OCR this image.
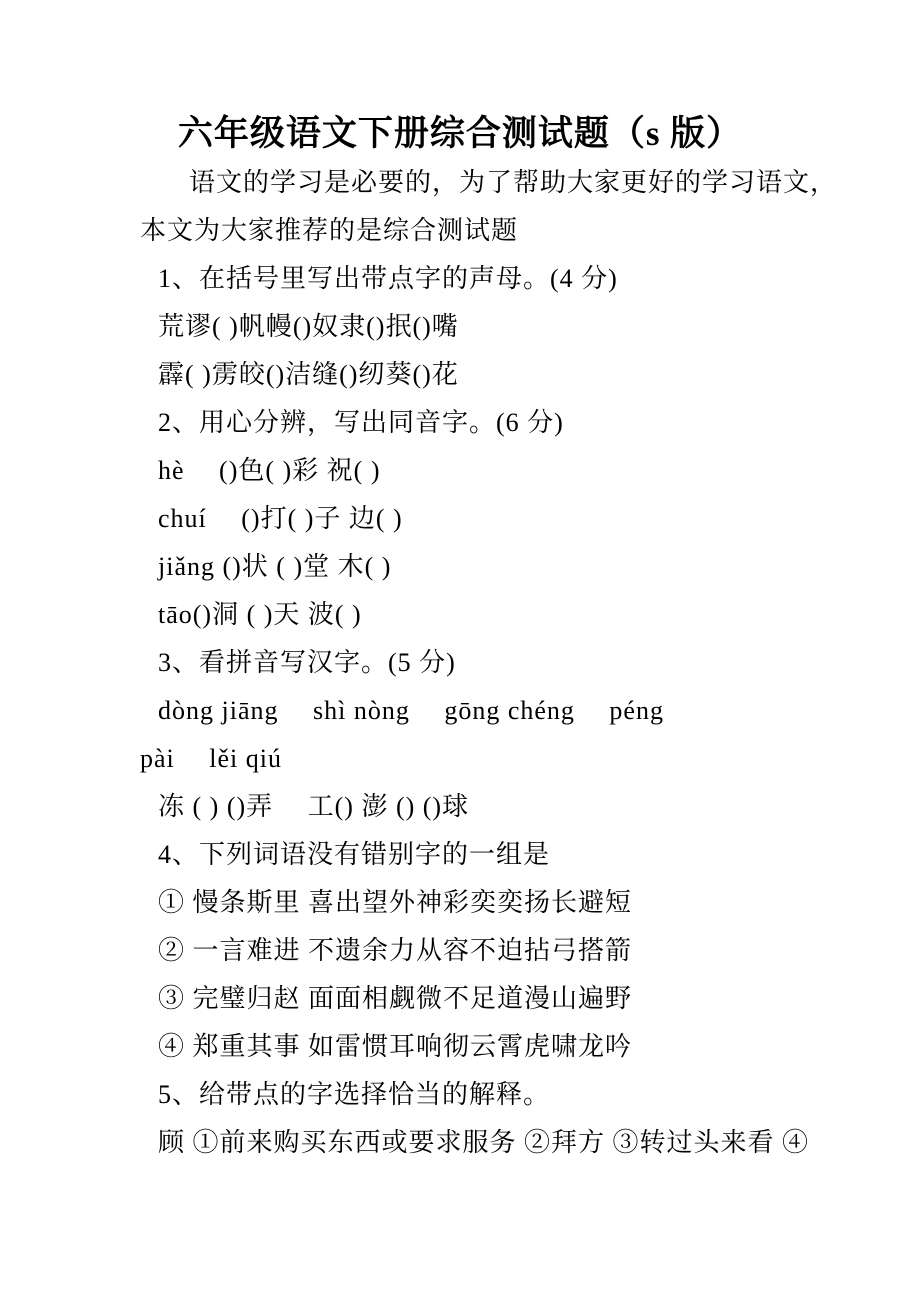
六年级语文下册综合测试题（s 版）
语文的学习是必要的，为了帮助大家更好的学习语文，
本文为大家推荐的是综合测试题
1、在括号里写出带点字的声母。(4 分)
荒谬( )帆幔()奴隶()抿()嘴
霹( )雳皎()洁缝()纫葵()花
2、用心分辨，写出同音字。(6 分)
hè　 ()色( )彩 祝( )
chuí　 ()打( )子 边( )
jiǎng ()状 ( )堂 木( )
tāo()洞 ( )天 波( )
3、看拼音写汉字。(5 分)
dòng jiāng　 shì nòng　 gōng chéng　 péng
pài　 lěi qiú
冻 ( ) ()弄　 工() 澎 () ()球
4、下列词语没有错别字的一组是
① 慢条斯里 喜出望外神彩奕奕扬长避短
② 一言难进 不遗余力从容不迫拈弓搭箭
③ 完璧归赵 面面相觑微不足道漫山遍野
④ 郑重其事 如雷惯耳响彻云霄虎啸龙吟
5、给带点的字选择恰当的解释。
顾 ①前来购买东西或要求服务 ②拜方 ③转过头来看 ④
